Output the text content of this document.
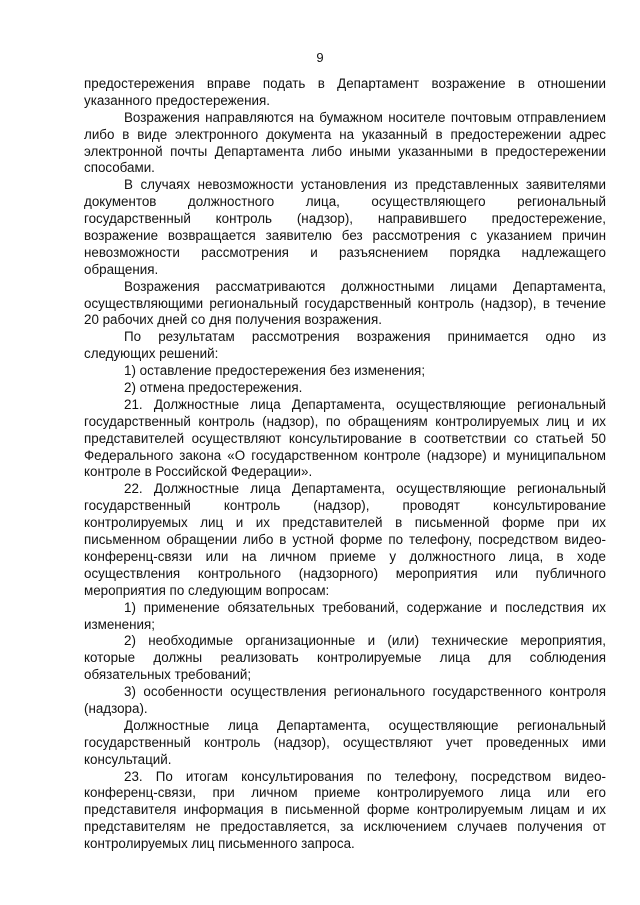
9
предостережения вправе подать в Департамент возражение в отношении
указанного предостережения.
Возражения направляются на бумажном носителе почтовым отправлением
либо в виде электронного документа на указанный в предостережении адрес
электронной почты Департамента либо иными указанными в предостережении
способами.
В случаях невозможности установления из представленных заявителями
документов должностного лица, осуществляющего региональный
государственный контроль (надзор), направившего предостережение,
возражение возвращается заявителю без рассмотрения с указанием причин
невозможности рассмотрения и разъяснением порядка надлежащего
обращения.
Возражения рассматриваются должностными лицами Департамента,
осуществляющими региональный государственный контроль (надзор), в течение
20 рабочих дней со дня получения возражения.
По результатам рассмотрения возражения принимается одно из
следующих решений:
1) оставление предостережения без изменения;
2) отмена предостережения.
21. Должностные лица Департамента, осуществляющие региональный
государственный контроль (надзор), по обращениям контролируемых лиц и их
представителей осуществляют консультирование в соответствии со статьей 50
Федерального закона «О государственном контроле (надзоре) и муниципальном
контроле в Российской Федерации».
22. Должностные лица Департамента, осуществляющие региональный
государственный контроль (надзор), проводят консультирование
контролируемых лиц и их представителей в письменной форме при их
письменном обращении либо в устной форме по телефону, посредством видео-
конференц-связи или на личном приеме у должностного лица, в ходе
осуществления контрольного (надзорного) мероприятия или публичного
мероприятия по следующим вопросам:
1) применение обязательных требований, содержание и последствия их
изменения;
2) необходимые организационные и (или) технические мероприятия,
которые должны реализовать контролируемые лица для соблюдения
обязательных требований;
3) особенности осуществления регионального государственного контроля
(надзора).
Должностные лица Департамента, осуществляющие региональный
государственный контроль (надзор), осуществляют учет проведенных ими
консультаций.
23. По итогам консультирования по телефону, посредством видео-
конференц-связи, при личном приеме контролируемого лица или его
представителя информация в письменной форме контролируемым лицам и их
представителям не предоставляется, за исключением случаев получения от
контролируемых лиц письменного запроса.
